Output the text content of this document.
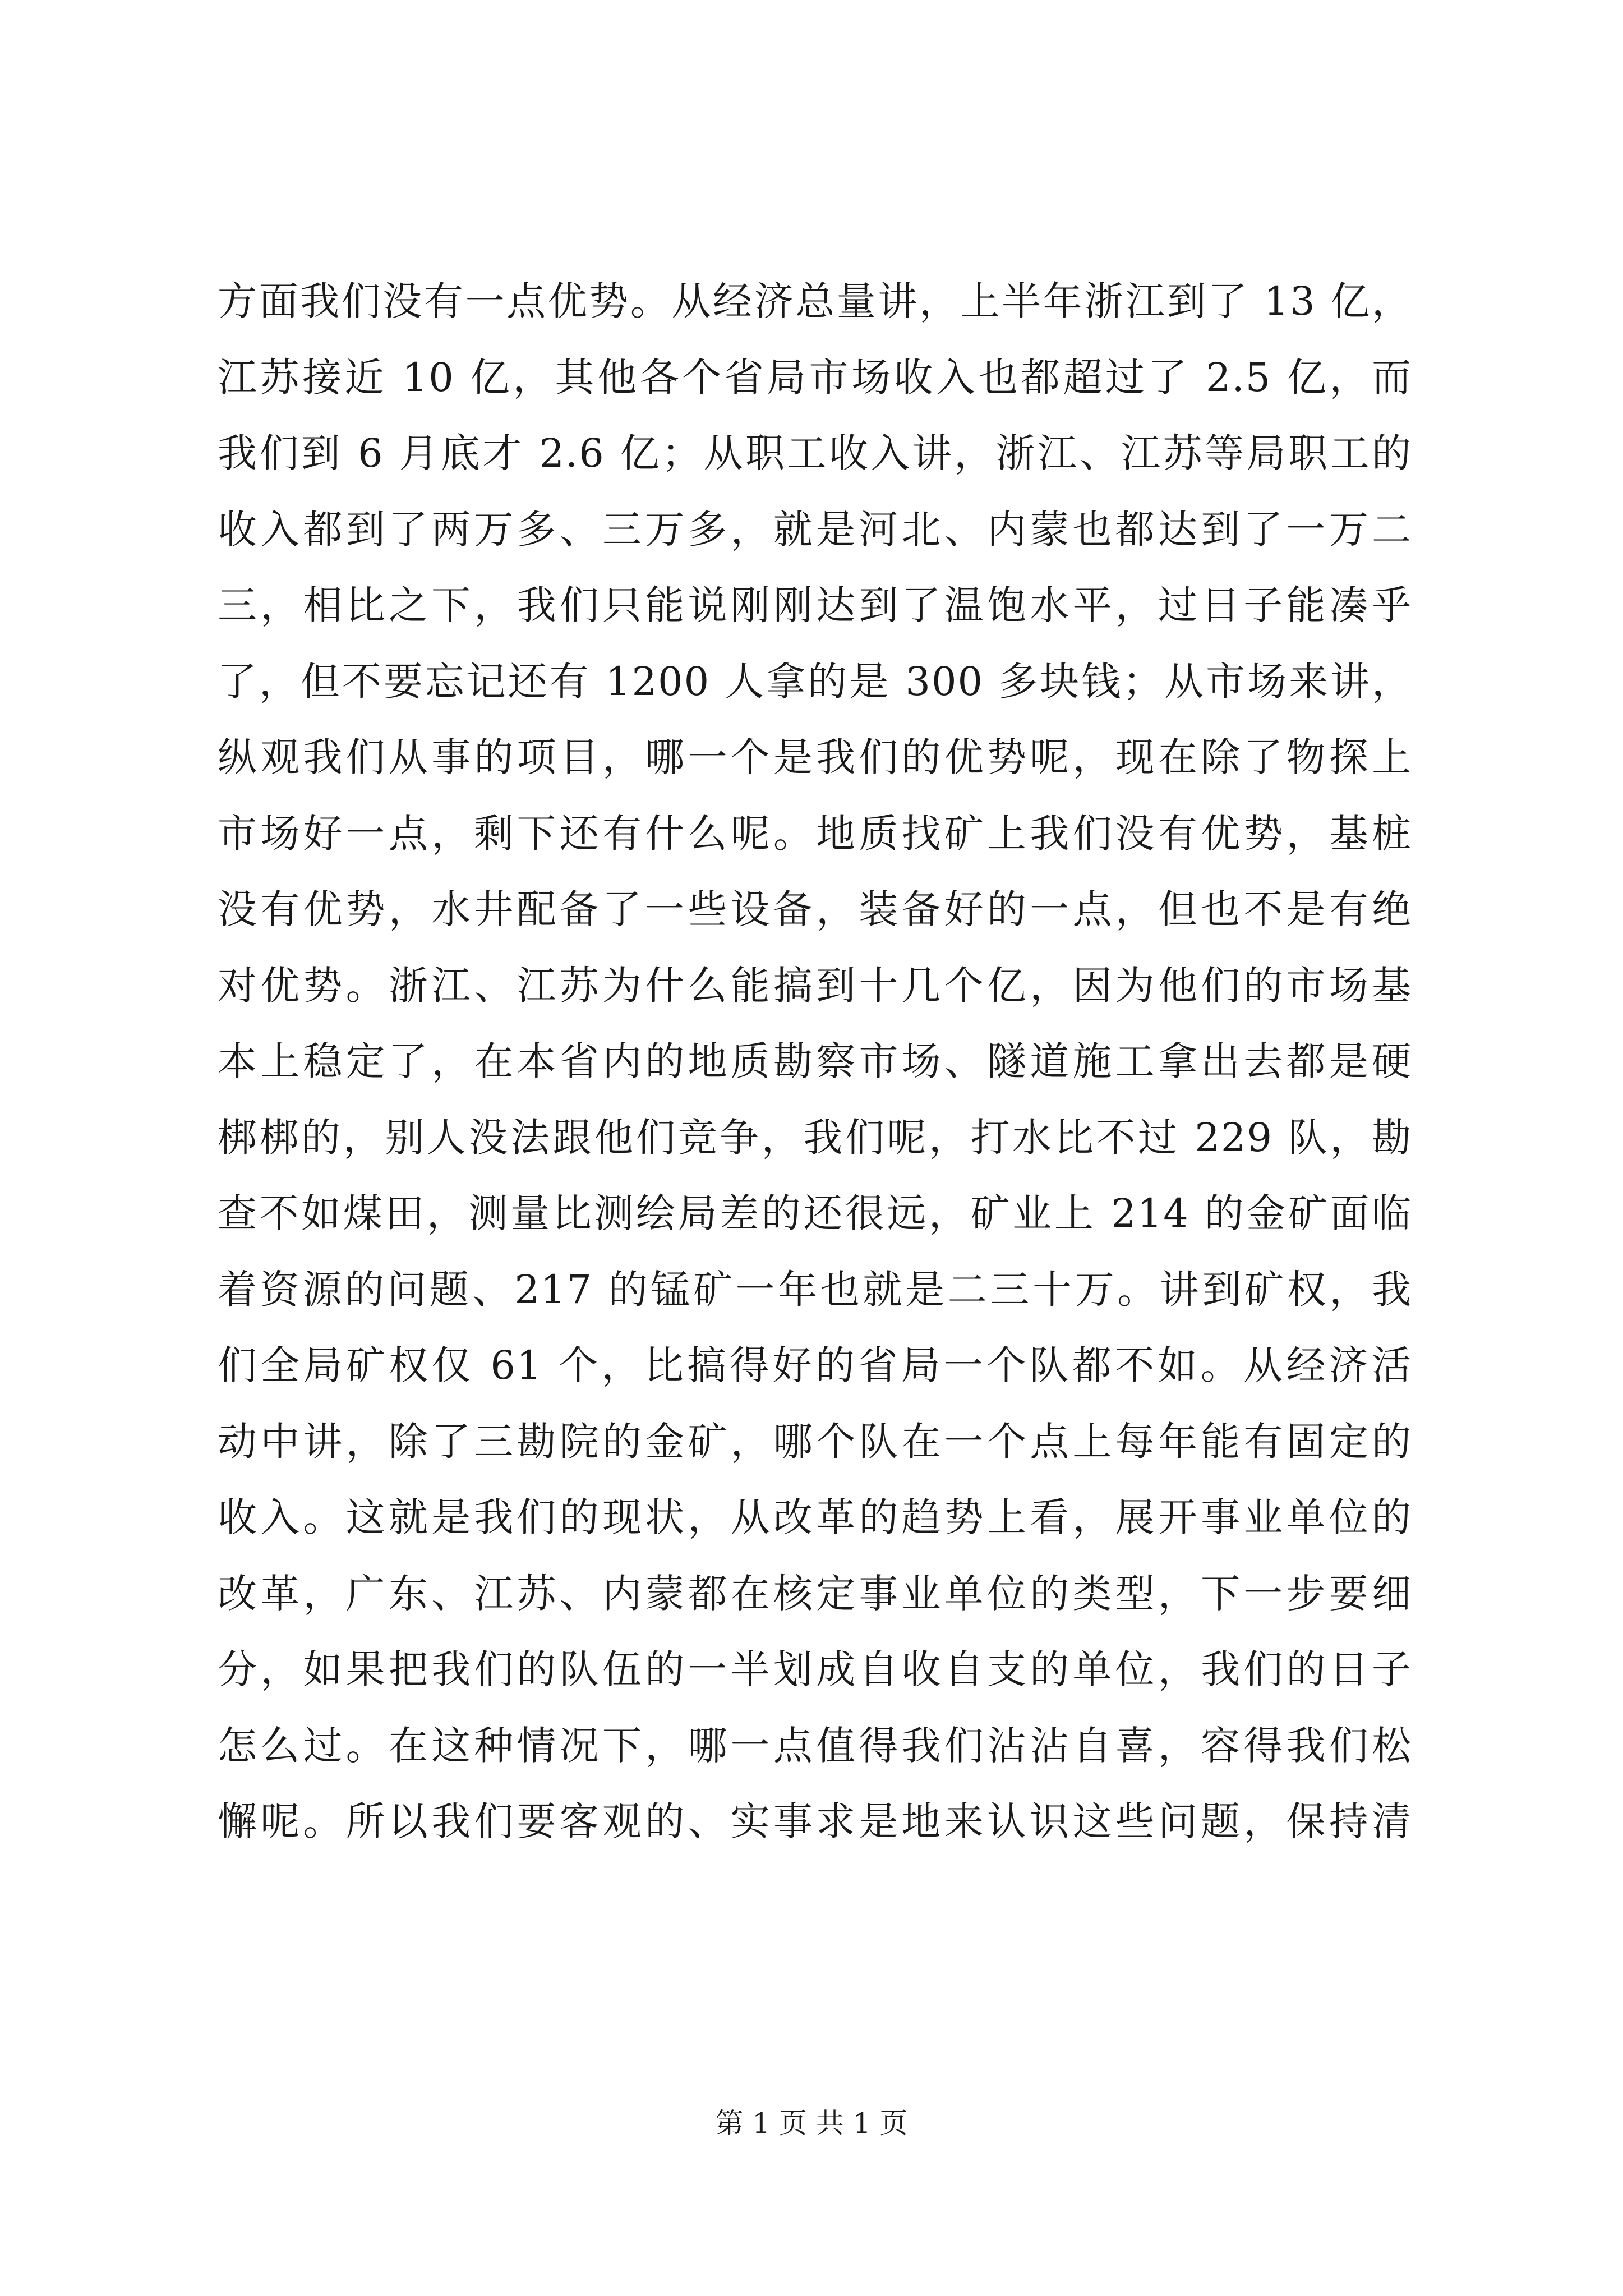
方面我们没有一点优势。从经济总量讲，上半年浙江到了 13 亿，
江苏接近 10 亿，其他各个省局市场收入也都超过了 2.5 亿，而
我们到 6 月底才 2.6 亿；从职工收入讲，浙江、江苏等局职工的
收入都到了两万多、三万多，就是河北、内蒙也都达到了一万二
三，相比之下，我们只能说刚刚达到了温饱水平，过日子能凑乎
了，但不要忘记还有 1200 人拿的是 300 多块钱；从市场来讲，
纵观我们从事的项目，哪一个是我们的优势呢，现在除了物探上
市场好一点，剩下还有什么呢。地质找矿上我们没有优势，基桩
没有优势，水井配备了一些设备，装备好的一点，但也不是有绝
对优势。浙江、江苏为什么能搞到十几个亿，因为他们的市场基
本上稳定了，在本省内的地质勘察市场、隧道施工拿出去都是硬
梆梆的，别人没法跟他们竞争，我们呢，打水比不过 229 队，勘
查不如煤田，测量比测绘局差的还很远，矿业上 214 的金矿面临
着资源的问题、217 的锰矿一年也就是二三十万。讲到矿权，我
们全局矿权仅 61 个，比搞得好的省局一个队都不如。从经济活
动中讲，除了三勘院的金矿，哪个队在一个点上每年能有固定的
收入。这就是我们的现状，从改革的趋势上看，展开事业单位的
改革，广东、江苏、内蒙都在核定事业单位的类型，下一步要细
分，如果把我们的队伍的一半划成自收自支的单位，我们的日子
怎么过。在这种情况下，哪一点值得我们沾沾自喜，容得我们松
懈呢。所以我们要客观的、实事求是地来认识这些问题，保持清
第 1 页 共 1 页
